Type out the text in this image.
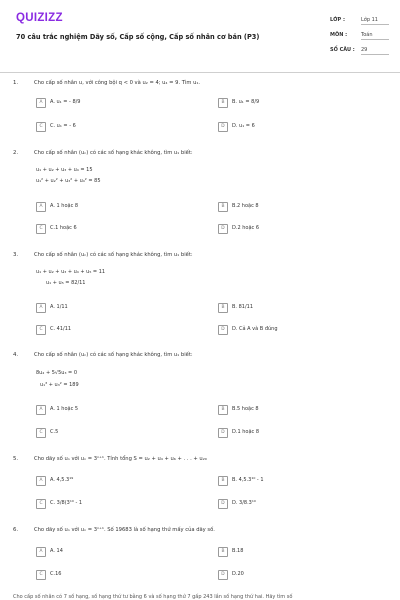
QUIZIZZ
70 câu trắc nghiệm Dãy số, Cấp số cộng, Cấp số nhân cơ bản (P3)
LỚP :	Lớp 11
MÔN :	Toán
SỐ CÂU : 29
1.	Cho cấp số nhân u, với công bội q < 0 và u₂ = 4; u₄ = 9. Tìm u₁.
A	A. u₁ = - 8/9	B	B. u₁ = 8/9
C	C. u₁ = - 6	D	D. u₁ = 6
2.	Cho cấp số nhân (uₙ) có các số hạng khác không, tìm u₁ biết:
u₁ + u₂ + u₃ + u₄ = 15
u₁² + u₂² + u₃² + u₄² = 85
A	A. 1 hoặc 8	B	B.2 hoặc 8
C	C.1 hoặc 6	D	D.2 hoặc 6
3.	Cho cấp số nhân (uₙ) có các số hạng khác không, tìm u₁ biết:
u₁ + u₂ + u₃ + u₄ + u₅ = 11
u₁ + u₅ = 82/11
A	A. 1/11	B	B. 81/11
C	C. 41/11	D	D. Cả A và B đúng
4.	Cho cấp số nhân (uₙ) có các số hạng khác không, tìm u₁ biết:
8u₂ + 5√5u₃ = 0
u₁³ + u₃² = 189
A	A. 1 hoặc 5	B	B.5 hoặc 8
C	C.5	D	D.1 hoặc 8
5.	Cho dãy số uₙ với uₙ = 3ⁿ⁺¹. Tính tổng S = u₂ + u₄ + u₆ + . . . + u₂₀
A	A. 4,5.3¹⁹	B	B. 4,5.3¹⁰ - 1
C	C. 3/8(3¹⁰ - 1	D	D. 3/8.3¹⁰
6.	Cho dãy số uₙ với uₙ = 3ⁿ⁺¹. Số 19683 là số hạng thứ mấy của dãy số.
A	A. 14	B	B.18
C	C.16	D	D.20
Cho cấp số nhân có 7 số hạng, số hạng thứ tư bằng 6 và số hạng thứ 7 gấp 243 lần số hạng thứ hai. Hãy tìm số
